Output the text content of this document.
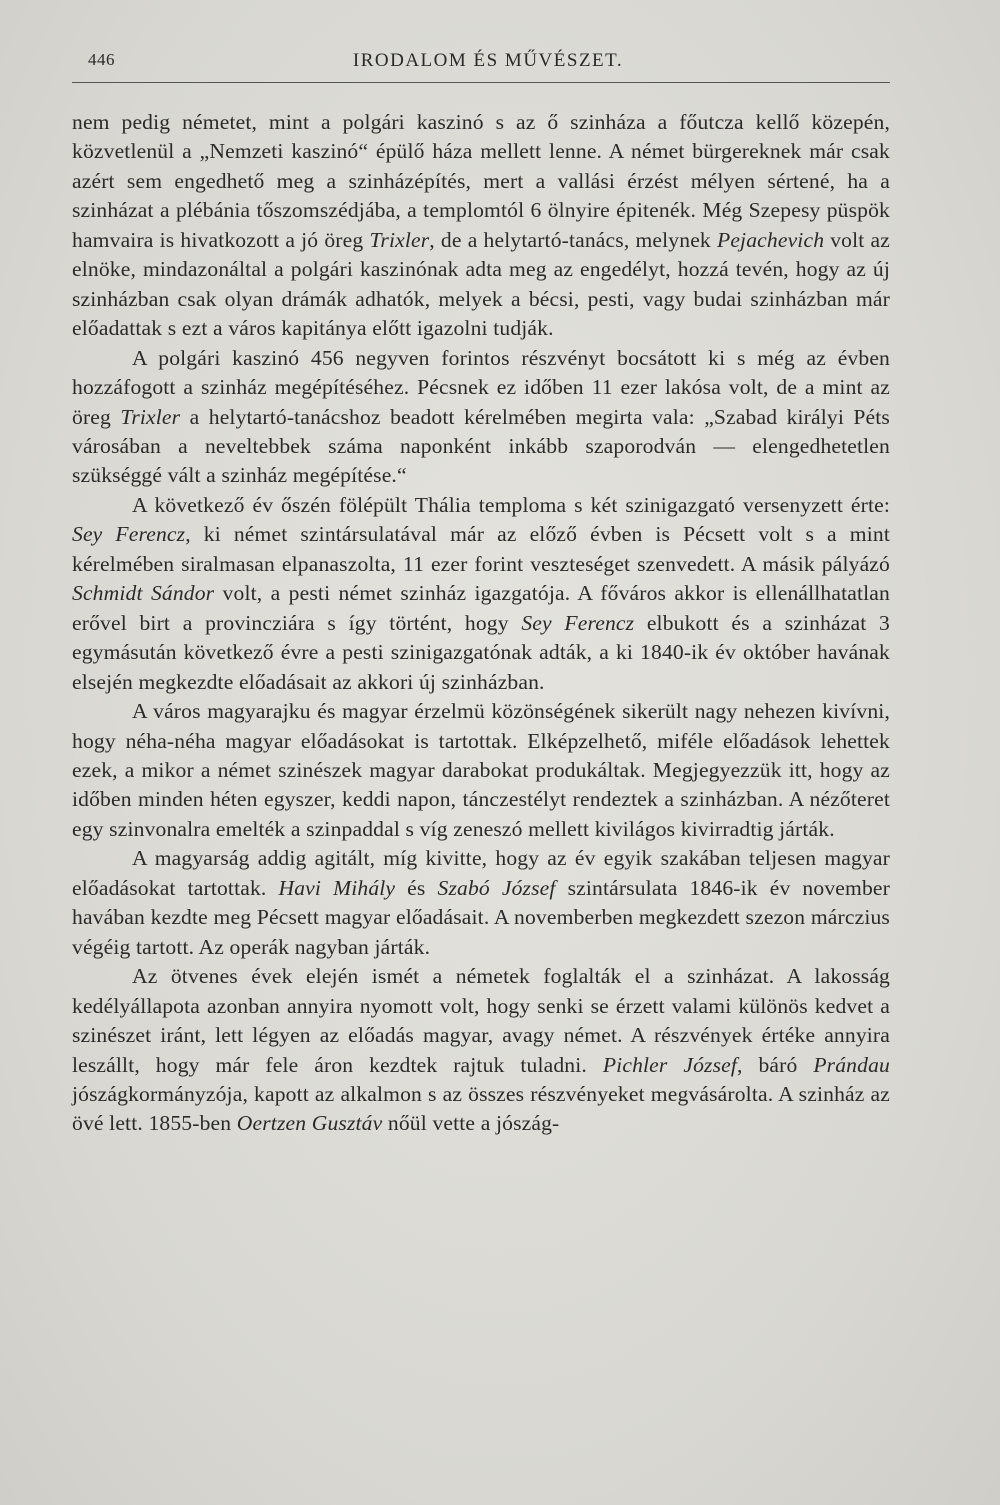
446	IRODALOM ÉS MŰVÉSZET.

nem pedig németet, mint a polgári kaszinó s az ő szinháza a főutcza kellő közepén, közvetlenül a „Nemzeti kaszinó“ épülő háza mellett lenne. A német bürgereknek már csak azért sem engedhető meg a szinházépítés, mert a vallási érzést mélyen sértené, ha a szinházat a plébánia tőszomszédjába, a templomtól 6 ölnyire épitenék. Még Szepesy püspök hamvaira is hivatkozott a jó öreg Trixler, de a helytartó-tanács, melynek Pejachevich volt az elnöke, mindazonáltal a polgári kaszinónak adta meg az engedélyt, hozzá tevén, hogy az új szinházban csak olyan drámák adhatók, melyek a bécsi, pesti, vagy budai szinházban már előadattak s ezt a város kapitánya előtt igazolni tudják.

A polgári kaszinó 456 negyven forintos részvényt bocsátott ki s még az évben hozzáfogott a szinház megépítéséhez. Pécsnek ez időben 11 ezer lakósa volt, de a mint az öreg Trixler a helytartó-tanácshoz beadott kérelmében megirta vala: „Szabad királyi Péts városában a neveltebbek száma naponként inkább szaporodván — elengedhetetlen szükséggé vált a szinház megépítése.“

A következő év őszén fölépült Thália temploma s két szinigazgató versenyzett érte: Sey Ferencz, ki német szintársulatával már az előző évben is Pécsett volt s a mint kérelmében siralmasan elpanaszolta, 11 ezer forint veszteséget szenvedett. A másik pályázó Schmidt Sándor volt, a pesti német szinház igazgatója. A főváros akkor is ellenállhatatlan erővel birt a provincziára s így történt, hogy Sey Ferencz elbukott és a szinházat 3 egymásután következő évre a pesti szinigazgatónak adták, a ki 1840-ik év október havának elsején megkezdte előadásait az akkori új szinházban.

A város magyarajku és magyar érzelmü közönségének sikerült nagy nehezen kivívni, hogy néha-néha magyar előadásokat is tartottak. Elképzelhető, miféle előadások lehettek ezek, a mikor a német szinészek magyar darabokat produkáltak. Megjegyezzük itt, hogy az időben minden héten egyszer, keddi napon, tánczestélyt rendeztek a szinházban. A nézőteret egy szinvonalra emelték a szinpaddal s víg zeneszó mellett kivilágos kivirradtig járták.

A magyarság addig agitált, míg kivitte, hogy az év egyik szakában teljesen magyar előadásokat tartottak. Havi Mihály és Szabó József szintársulata 1846-ik év november havában kezdte meg Pécsett magyar előadásait. A novemberben megkezdett szezon márczius végéig tartott. Az operák nagyban járták.

Az ötvenes évek elején ismét a németek foglalták el a szinházat. A lakosság kedélyállapota azonban annyira nyomott volt, hogy senki se érzett valami különös kedvet a szinészet iránt, lett légyen az előadás magyar, avagy német. A részvények értéke annyira leszállt, hogy már fele áron kezdtek rajtuk tuladni. Pichler József, báró Prándau jószágkormányzója, kapott az alkalmon s az összes részvényeket megvásárolta. A szinház az övé lett. 1855-ben Oertzen Gusztáv nőül vette a jószág-
